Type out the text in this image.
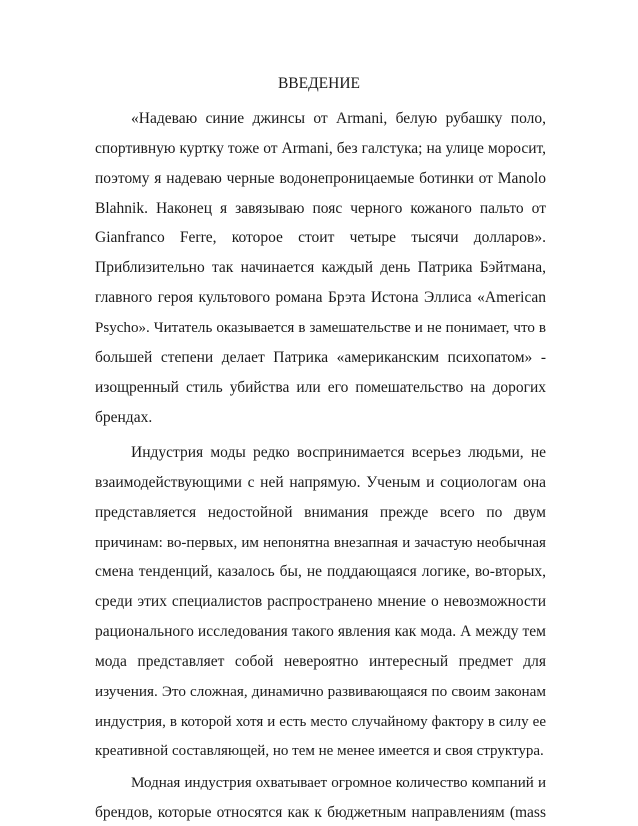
ВВЕДЕНИЕ
«Надеваю синие джинсы от Armani, белую рубашку поло,
спортивную куртку тоже от Armani, без галстука; на улице моросит,
поэтому я надеваю черные водонепроницаемые ботинки от Manolo
Blahnik. Наконец я завязываю пояс черного кожаного пальто от
Gianfranco Ferre, которое стоит четыре тысячи долларов».
Приблизительно так начинается каждый день Патрика Бэйтмана,
главного героя культового романа Брэта Истона Эллиса «American
Psycho». Читатель оказывается в замешательстве и не понимает, что в
большей степени делает Патрика «американским психопатом» -
изощренный стиль убийства или его помешательство на дорогих
брендах.
Индустрия моды редко воспринимается всерьез людьми, не
взаимодействующими с ней напрямую. Ученым и социологам она
представляется недостойной внимания прежде всего по двум
причинам: во-первых, им непонятна внезапная и зачастую необычная
смена тенденций, казалось бы, не поддающаяся логике, во-вторых,
среди этих специалистов распространено мнение о невозможности
рационального исследования такого явления как мода. А между тем
мода представляет собой невероятно интересный предмет для
изучения. Это сложная, динамично развивающаяся по своим законам
индустрия, в которой хотя и есть место случайному фактору в силу ее
креативной составляющей, но тем не менее имеется и своя структура.
Модная индустрия охватывает огромное количество компаний и
брендов, которые относятся как к бюджетным направлениям (mass
